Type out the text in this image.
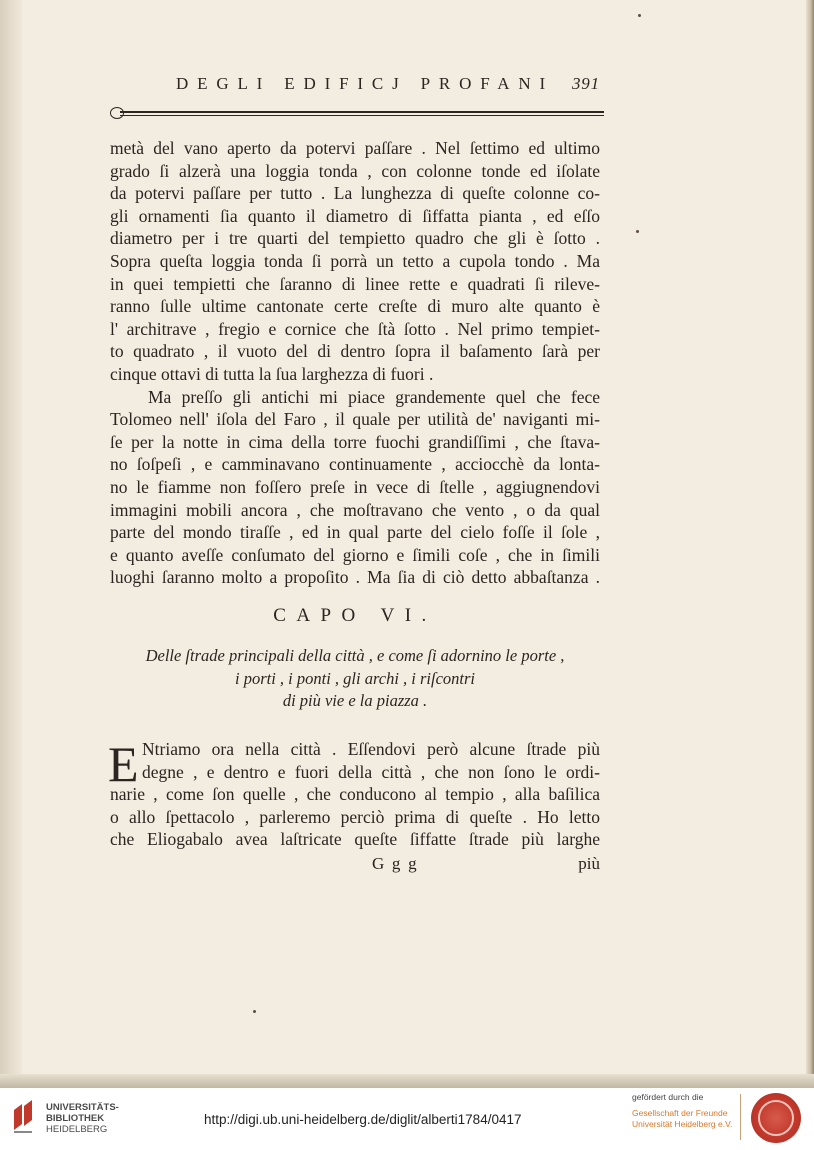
DEGLI EDIFICJ PROFANI 391
metà del vano aperto da potervi paſſare . Nel ſettimo ed ultimo
grado ſi alzerà una loggia tonda , con colonne tonde ed iſolate
da potervi paſſare per tutto . La lunghezza di queſte colonne co-
gli ornamenti ſia quanto il diametro di ſiffatta pianta , ed eſſo
diametro per i tre quarti del tempietto quadro che gli è ſotto .
Sopra queſta loggia tonda ſi porrà un tetto a cupola tondo . Ma
in quei tempietti che ſaranno di linee rette e quadrati ſi rileve-
ranno ſulle ultime cantonate certe creſte di muro alte quanto è
l' architrave , fregio e cornice che ſtà ſotto . Nel primo tempiet-
to quadrato , il vuoto del di dentro ſopra il baſamento ſarà per
cinque ottavi di tutta la ſua larghezza di fuori .
Ma preſſo gli antichi mi piace grandemente quel che fece
Tolomeo nell' iſola del Faro , il quale per utilità de' naviganti mi-
ſe per la notte in cima della torre fuochi grandiſſimi , che ſtava-
no ſoſpeſi , e camminavano continuamente , acciocchè da lonta-
no le fiamme non foſſero preſe in vece di ſtelle , aggiugnendovi
immagini mobili ancora , che moſtravano che vento , o da qual
parte del mondo tiraſſe , ed in qual parte del cielo foſſe il ſole ,
e quanto aveſſe conſumato del giorno e ſimili coſe , che in ſimili
luoghi ſaranno molto a propoſito . Ma ſia di ciò detto abbaſtanza .
CAPO VI.
Delle ſtrade principali della città , e come ſi adornino le porte ,
i porti , i ponti , gli archi , i riſcontri
di più vie e la piazza .
E Ntriamo ora nella città . Eſſendovi però alcune ſtrade più
degne , e dentro e fuori della città , che non ſono le ordi-
narie , come ſon quelle , che conducono al tempio , alla baſilica
o allo ſpettacolo , parleremo perciò prima di queſte . Ho letto
che Eliogabalo avea laſtricate queſte ſiffatte ſtrade più larghe
Ggg	più
UNIVERSITÄTS-
BIBLIOTHEK
HEIDELBERG
http://digi.ub.uni-heidelberg.de/diglit/alberti1784/0417
gefördert durch die
Gesellschaft der Freunde
Universität Heidelberg e.V.
